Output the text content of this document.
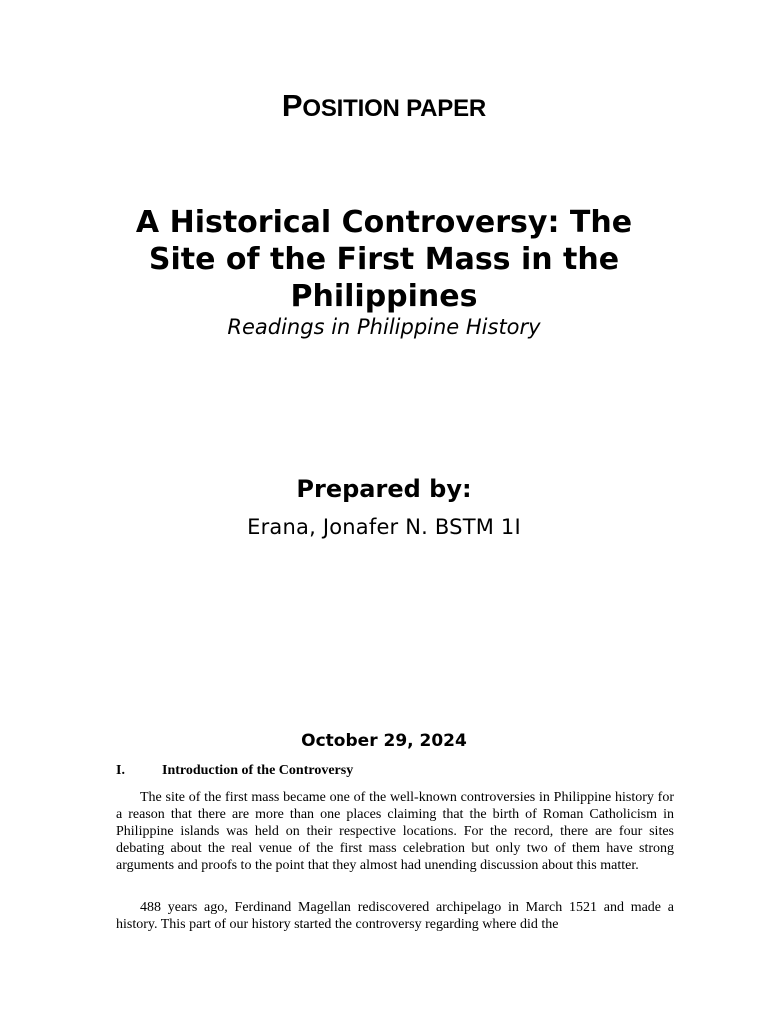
POSITION PAPER
A Historical Controversy: The Site of the First Mass in the Philippines

Readings in Philippine History

Prepared by:

Erana, Jonafer N. BSTM 1I

October 29, 2024

I.	Introduction of the Controversy

The site of the first mass became one of the well-known controversies in Philippine history for a reason that there are more than one places claiming that the birth of Roman Catholicism in Philippine islands was held on their respective locations. For the record, there are four sites debating about the real venue of the first mass celebration but only two of them have strong arguments and proofs to the point that they almost had unending discussion about this matter.

488 years ago, Ferdinand Magellan rediscovered archipelago in March 1521 and made a history. This part of our history started the controversy regarding where did the
